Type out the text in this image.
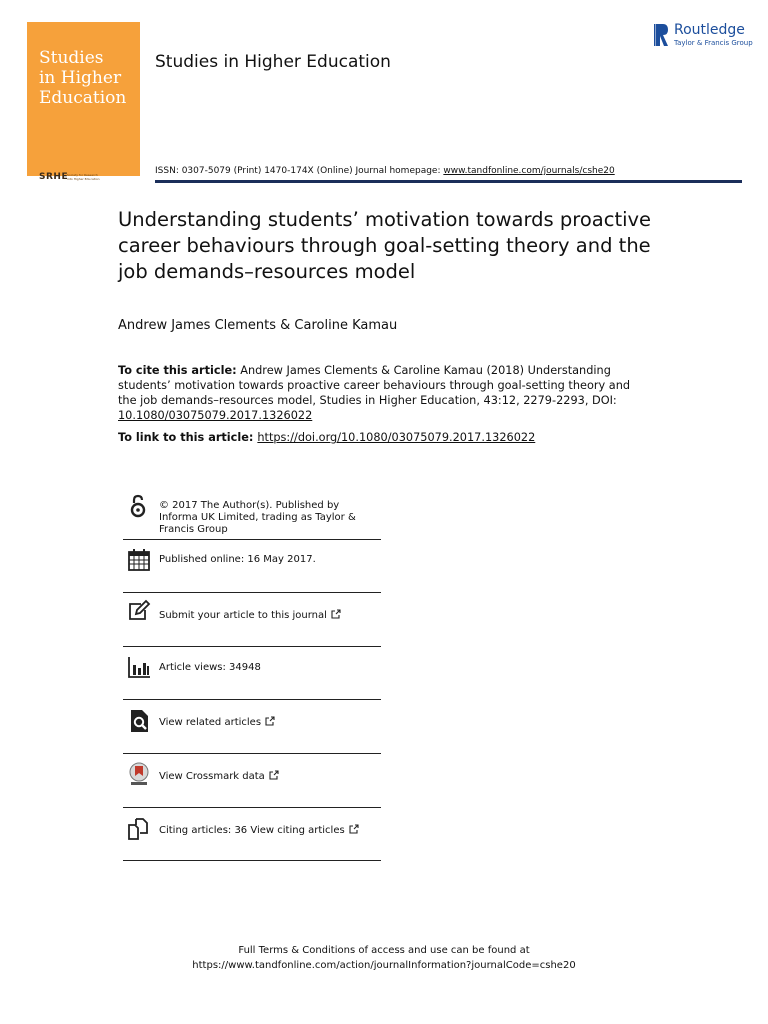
Studies
in Higher
Education
SRHE
Society for Research
into Higher Education
Studies in Higher Education
Routledge
Taylor & Francis Group
ISSN: 0307-5079 (Print) 1470-174X (Online) Journal homepage: www.tandfonline.com/journals/cshe20
Understanding students’ motivation towards proactive career behaviours through goal-setting theory and the job demands–resources model
Andrew James Clements & Caroline Kamau
To cite this article: Andrew James Clements & Caroline Kamau (2018) Understanding students’ motivation towards proactive career behaviours through goal-setting theory and the job demands–resources model, Studies in Higher Education, 43:12, 2279-2293, DOI: 10.1080/03075079.2017.1326022
To link to this article: https://doi.org/10.1080/03075079.2017.1326022
© 2017 The Author(s). Published by Informa UK Limited, trading as Taylor & Francis Group
Published online: 16 May 2017.
Submit your article to this journal
Article views: 34948
View related articles
View Crossmark data
Citing articles: 36 View citing articles
Full Terms & Conditions of access and use can be found at
https://www.tandfonline.com/action/journalInformation?journalCode=cshe20
